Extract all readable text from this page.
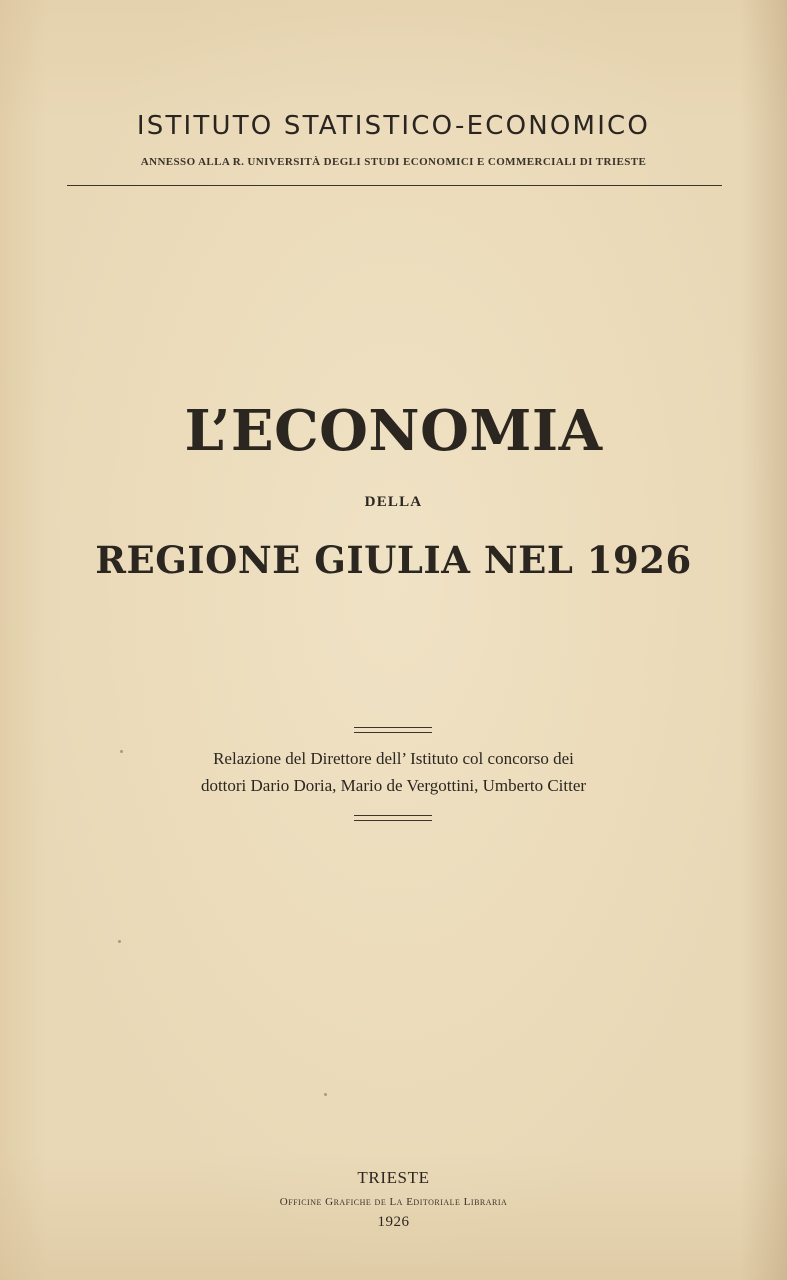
ISTITUTO STATISTICO-ECONOMICO
ANNESSO ALLA R. UNIVERSITÀ DEGLI STUDI ECONOMICI E COMMERCIALI DI TRIESTE
L’ECONOMIA
DELLA
REGIONE GIULIA NEL 1926
Relazione del Direttore dell’ Istituto col concorso dei
dottori Dario Doria, Mario de Vergottini, Umberto Citter
TRIESTE
Officine Grafiche de La Editoriale Libraria
1926
